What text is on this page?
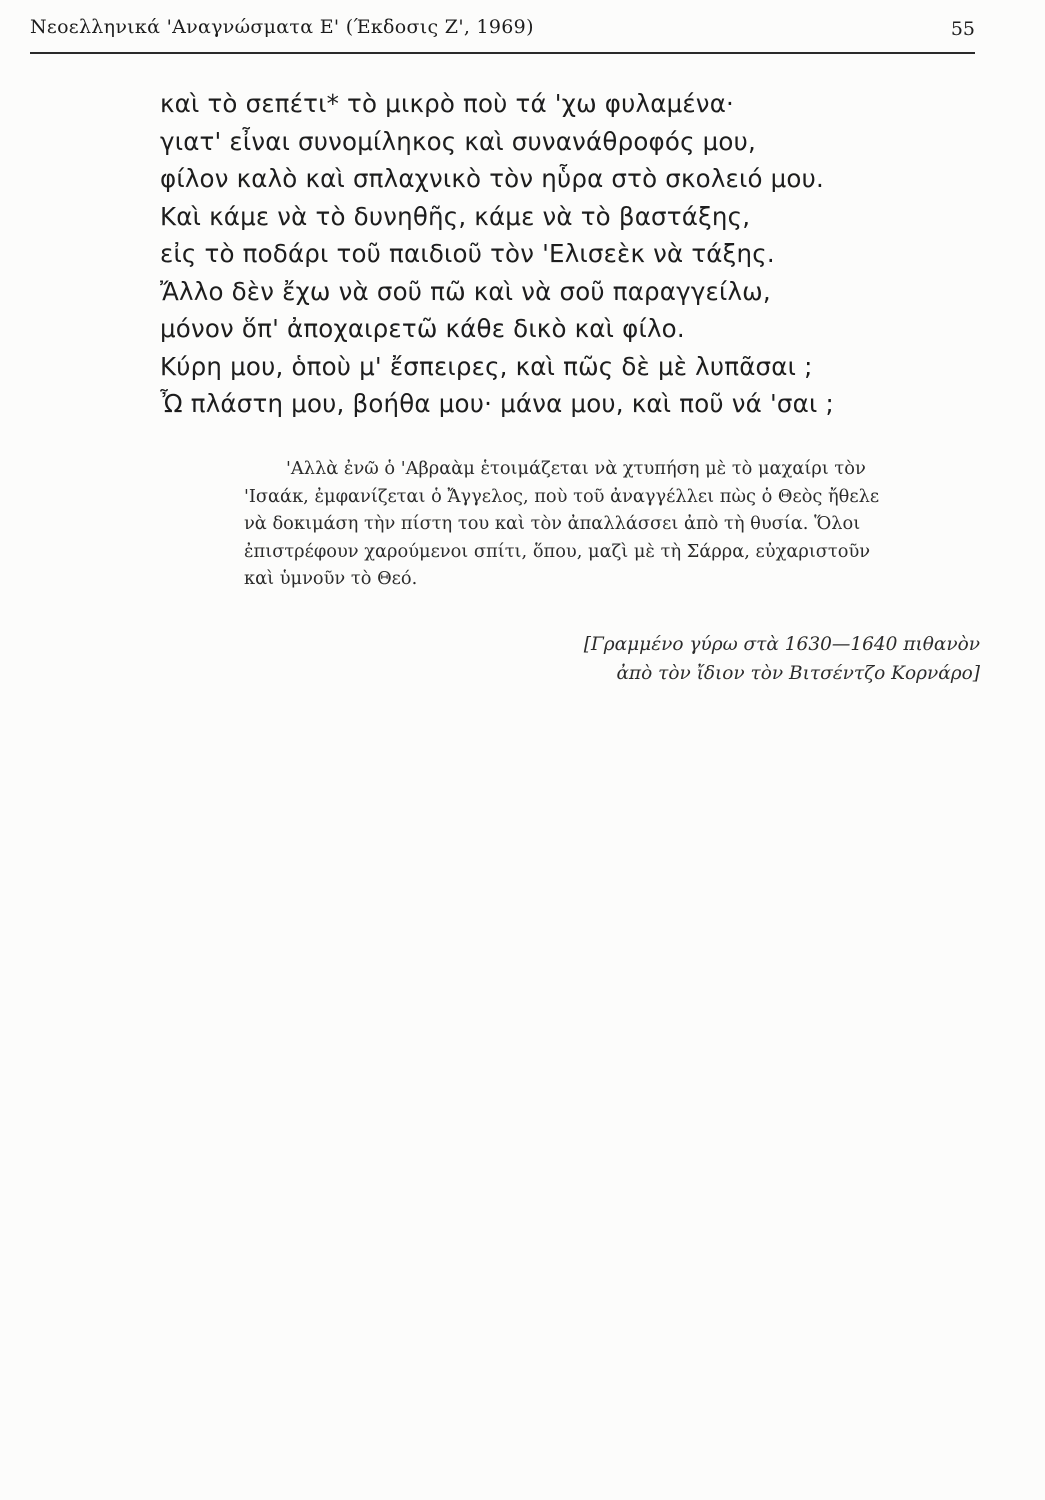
Νεοελληνικά 'Αναγνώσματα Ε' (Έκδοσις Ζ', 1969)	55
καὶ τὸ σεπέτι* τὸ μικρὸ ποὺ τά 'χω φυλαμένα·
γιατ' εἶναι συνομίληκος καὶ συνανάθροφός μου,
φίλον καλὸ καὶ σπλαχνικὸ τὸν ηὗρα στὸ σκολειό μου.
Καὶ κάμε νὰ τὸ δυνηθῆς, κάμε νὰ τὸ βαστάξης,
εἰς τὸ ποδάρι τοῦ παιδιοῦ τὸν 'Ελισεὲκ νὰ τάξης.
Ἄλλο δὲν ἔχω νὰ σοῦ πῶ καὶ νὰ σοῦ παραγγείλω,
μόνον ὅπ' ἀποχαιρετῶ κάθε δικὸ καὶ φίλο.
Κύρη μου, ὁποὺ μ' ἔσπειρες, καὶ πῶς δὲ μὲ λυπᾶσαι ;
Ὦ πλάστη μου, βοήθα μου· μάνα μου, καὶ ποῦ νά 'σαι ;
'Αλλὰ ἐνῶ ὁ 'Αβραὰμ ἑτοιμάζεται νὰ χτυπήση μὲ τὸ μαχαίρι τὸν
'Ισαάκ, ἐμφανίζεται ὁ Ἄγγελος, ποὺ τοῦ ἀναγγέλλει πὼς ὁ Θεὸς ἤθελε
νὰ δοκιμάση τὴν πίστη του καὶ τὸν ἀπαλλάσσει ἀπὸ τὴ θυσία. Ὅλοι
ἐπιστρέφουν χαρούμενοι σπίτι, ὅπου, μαζὶ μὲ τὴ Σάρρα, εὐχαριστοῦν
καὶ ὑμνοῦν τὸ Θεό.
[Γραμμένο γύρω στὰ 1630—1640 πιθανὸν
ἀπὸ τὸν ἴδιον τὸν Βιτσέντζο Κορνάρο]
